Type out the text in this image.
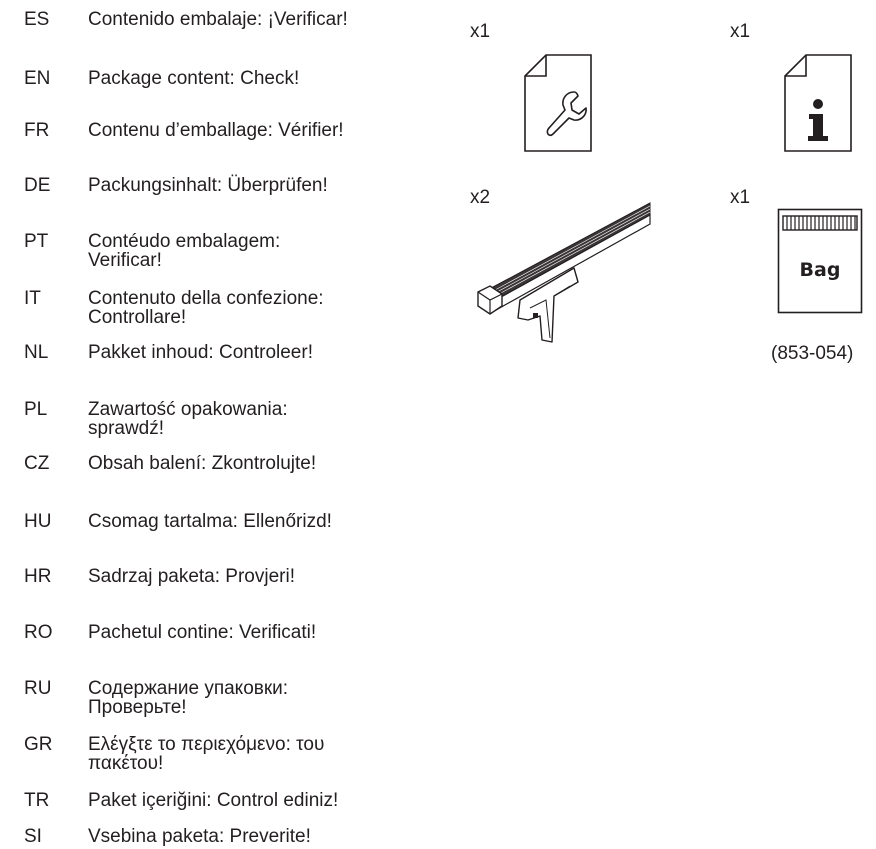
ES Contenido embalaje: ¡Verificar!
EN Package content: Check!
FR Contenu d’emballage: Vérifier!
DE Packungsinhalt: Überprüfen!
PT Contéudo embalagem:
Verificar!
IT Contenuto della confezione:
Controllare!
NL Pakket inhoud: Controleer!
PL Zawartość opakowania:
sprawdź!
CZ Obsah balení: Zkontrolujte!
HU Csomag tartalma: Ellenőrizd!
HR Sadrzaj paketa: Provjeri!
RO Pachetul contine: Verificati!
RU Содержание упаковки:
Проверьте!
GR Ελέγξτε το περιεχόμενο: του
πακέτου!
TR Paket içeriğini: Control ediniz!
SI Vsebina paketa: Preverite!
x1	x1
x2	x1
Bag
(853-054)
